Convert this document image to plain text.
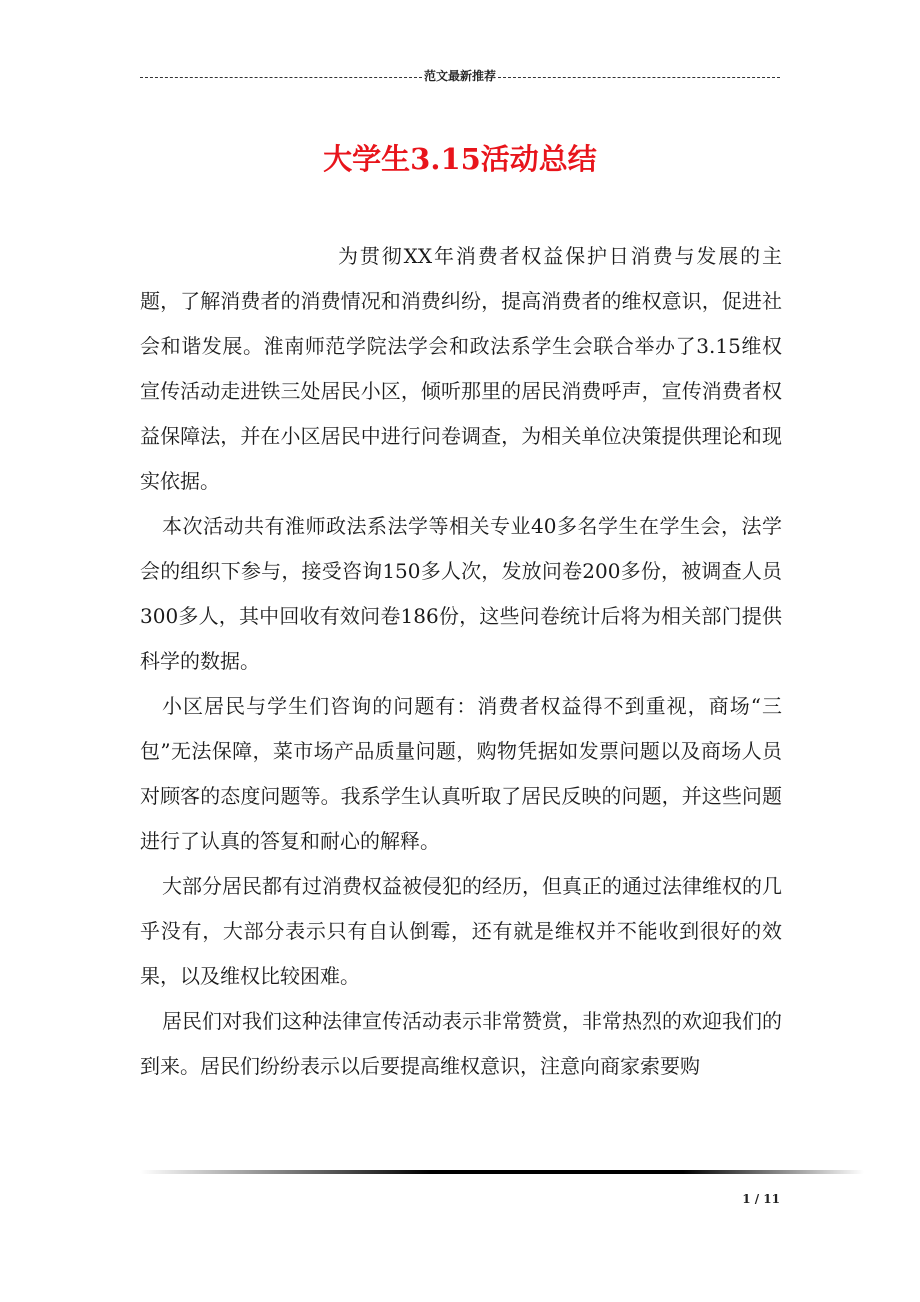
范文最新推荐
大学生3.15活动总结

为贯彻XX年消费者权益保护日消费与发展的主题，了解消费者的消费情况和消费纠纷，提高消费者的维权意识，促进社会和谐发展。淮南师范学院法学会和政法系学生会联合举办了3.15维权宣传活动走进铁三处居民小区，倾听那里的居民消费呼声，宣传消费者权益保障法，并在小区居民中进行问卷调查，为相关单位决策提供理论和现实依据。

本次活动共有淮师政法系法学等相关专业40多名学生在学生会，法学会的组织下参与，接受咨询150多人次，发放问卷200多份，被调查人员300多人，其中回收有效问卷186份，这些问卷统计后将为相关部门提供科学的数据。

小区居民与学生们咨询的问题有：消费者权益得不到重视，商场“三包”无法保障，菜市场产品质量问题，购物凭据如发票问题以及商场人员对顾客的态度问题等。我系学生认真听取了居民反映的问题，并这些问题进行了认真的答复和耐心的解释。

大部分居民都有过消费权益被侵犯的经历，但真正的通过法律维权的几乎没有，大部分表示只有自认倒霉，还有就是维权并不能收到很好的效果，以及维权比较困难。

居民们对我们这种法律宣传活动表示非常赞赏，非常热烈的欢迎我们的到来。居民们纷纷表示以后要提高维权意识，注意向商家索要购

1 / 11
